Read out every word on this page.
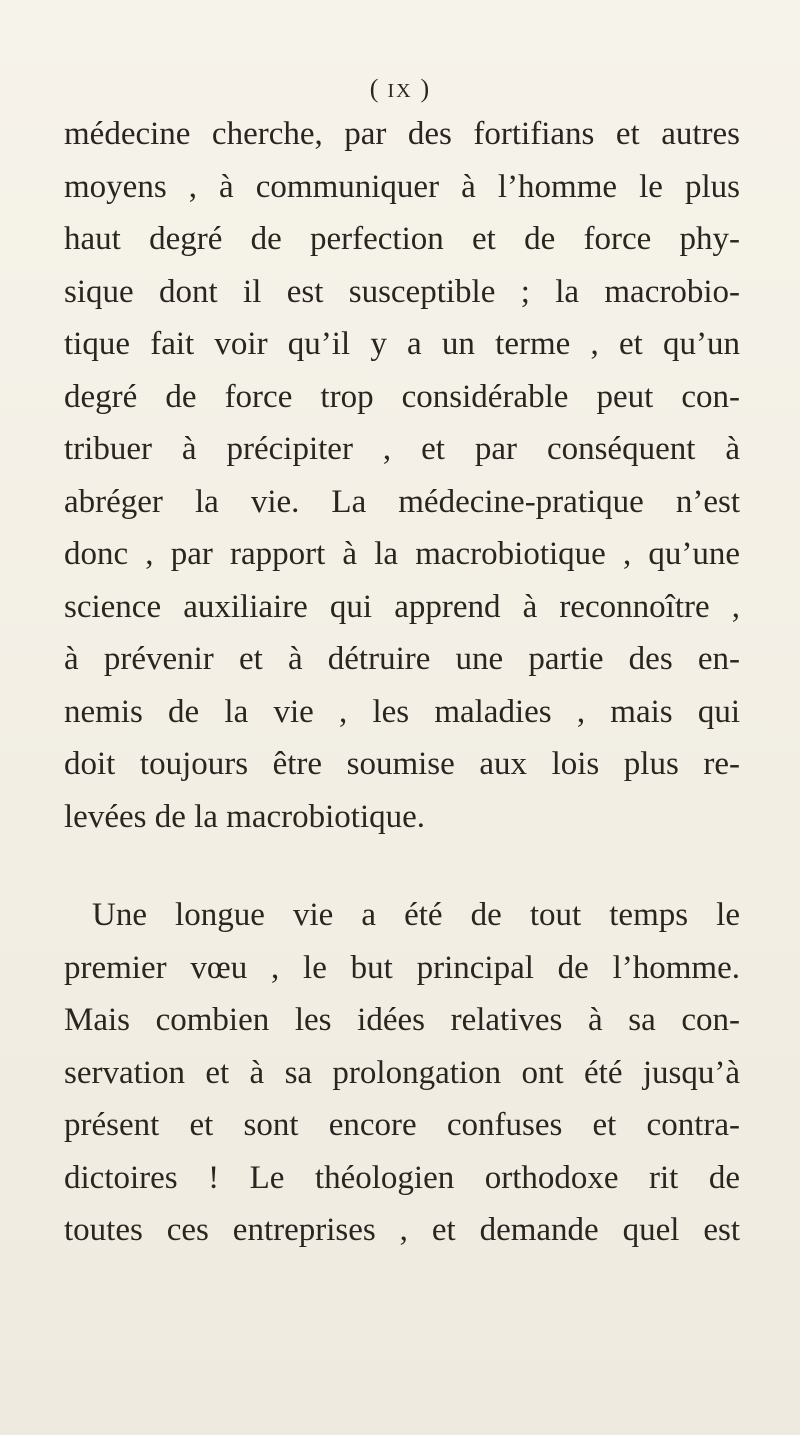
( IX )
médecine cherche, par des fortifians et autres
moyens , à communiquer à l’homme le plus
haut degré de perfection et de force phy-
sique dont il est susceptible ; la macrobio-
tique fait voir qu’il y a un terme , et qu’un
degré de force trop considérable peut con-
tribuer à précipiter , et par conséquent à
abréger la vie. La médecine-pratique n’est
donc , par rapport à la macrobiotique , qu’une
science auxiliaire qui apprend à reconnoître ,
à prévenir et à détruire une partie des en-
nemis de la vie , les maladies , mais qui
doit toujours être soumise aux lois plus re-
levées de la macrobiotique.
Une longue vie a été de tout temps le
premier vœu , le but principal de l’homme.
Mais combien les idées relatives à sa con-
servation et à sa prolongation ont été jusqu’à
présent et sont encore confuses et contra-
dictoires ! Le théologien orthodoxe rit de
toutes ces entreprises , et demande quel est
